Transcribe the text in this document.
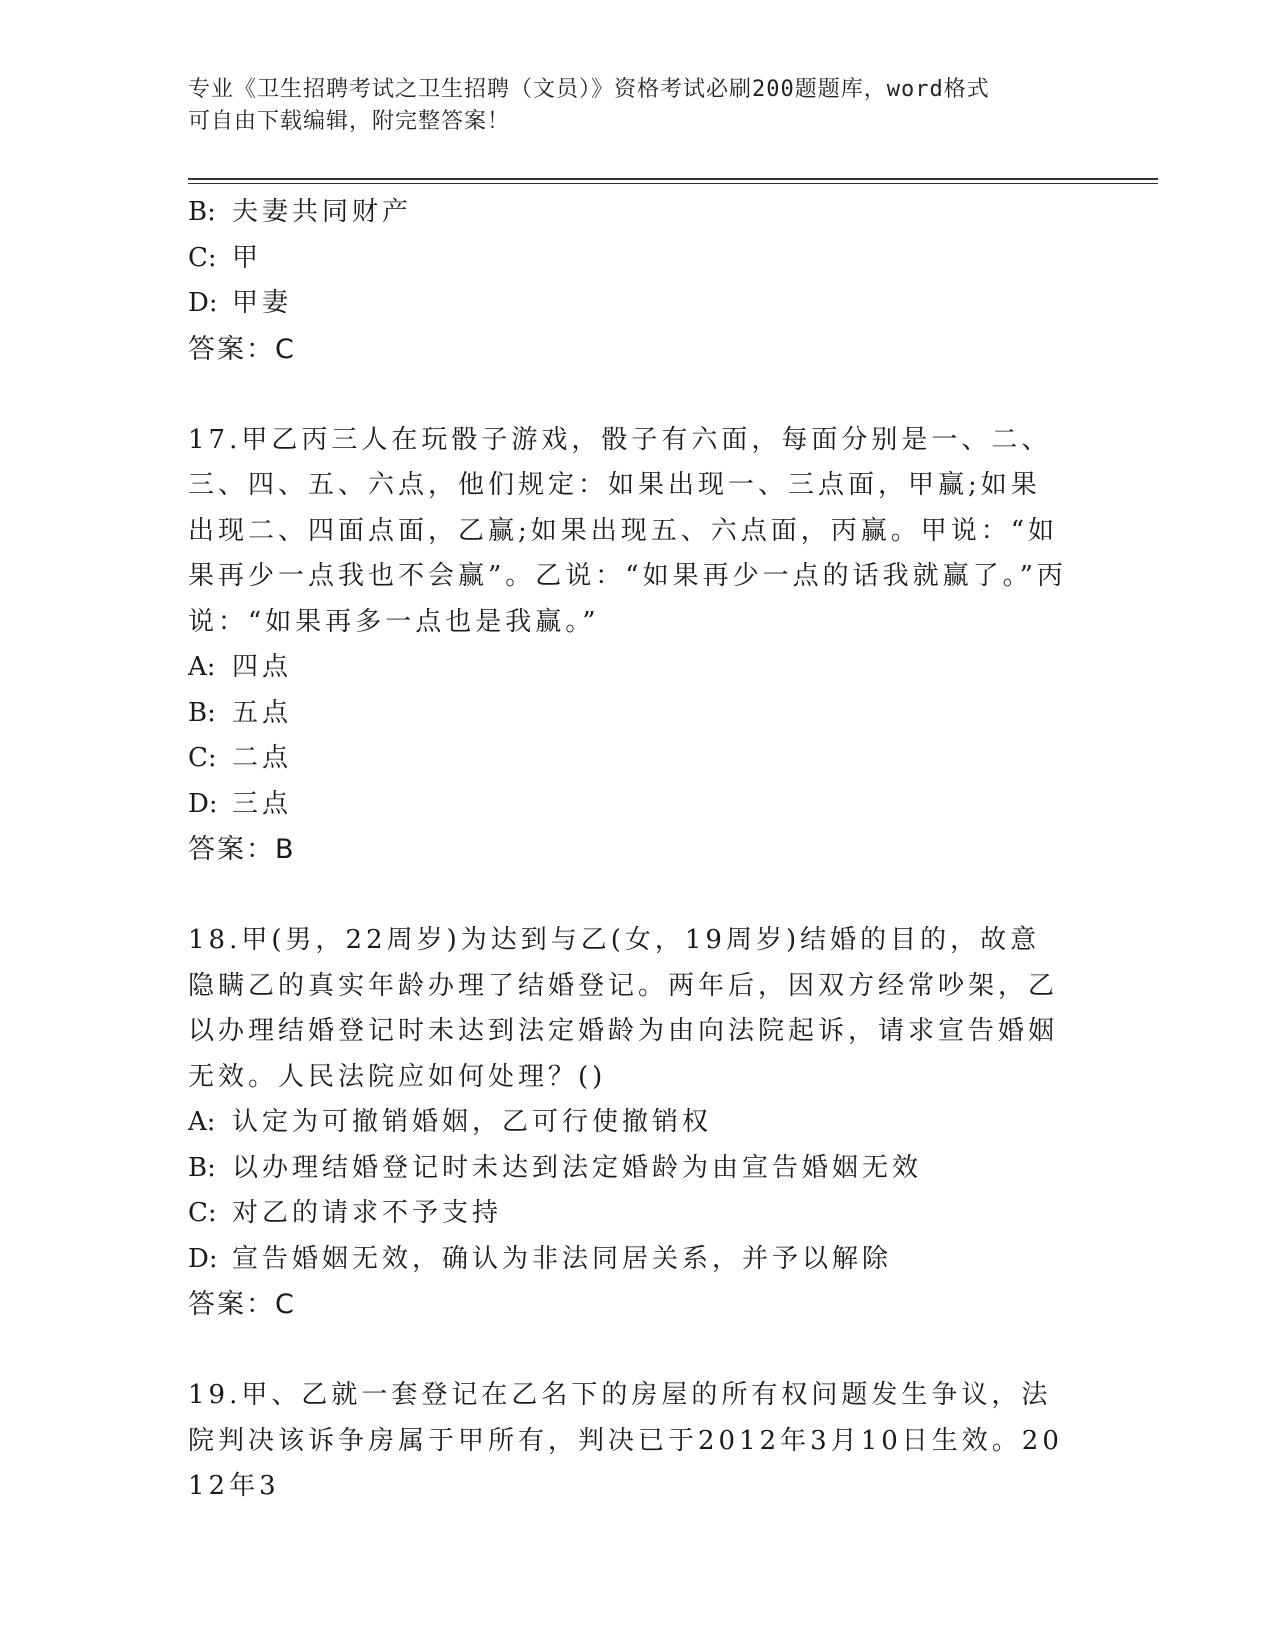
专业《卫生招聘考试之卫生招聘（文员）》资格考试必刷200题题库，word格式
可自由下载编辑，附完整答案！
B: 夫妻共同财产
C: 甲
D: 甲妻
答案：C
17.甲乙丙三人在玩骰子游戏，骰子有六面，每面分别是一、二、三、四、五、六点，他们规定：如果出现一、三点面，甲赢;如果出现二、四面点面，乙赢;如果出现五、六点面，丙赢。甲说：“如果再少一点我也不会赢”。乙说：“如果再少一点的话我就赢了。”丙说：“如果再多一点也是我赢。”
A: 四点
B: 五点
C: 二点
D: 三点
答案：B
18.甲(男，22周岁)为达到与乙(女，19周岁)结婚的目的，故意隐瞒乙的真实年龄办理了结婚登记。两年后，因双方经常吵架，乙以办理结婚登记时未达到法定婚龄为由向法院起诉，请求宣告婚姻无效。人民法院应如何处理？()
A: 认定为可撤销婚姻，乙可行使撤销权
B: 以办理结婚登记时未达到法定婚龄为由宣告婚姻无效
C: 对乙的请求不予支持
D: 宣告婚姻无效，确认为非法同居关系，并予以解除
答案：C
19.甲、乙就一套登记在乙名下的房屋的所有权问题发生争议，法院判决该诉争房属于甲所有，判决已于2012年3月10日生效。2012年3
